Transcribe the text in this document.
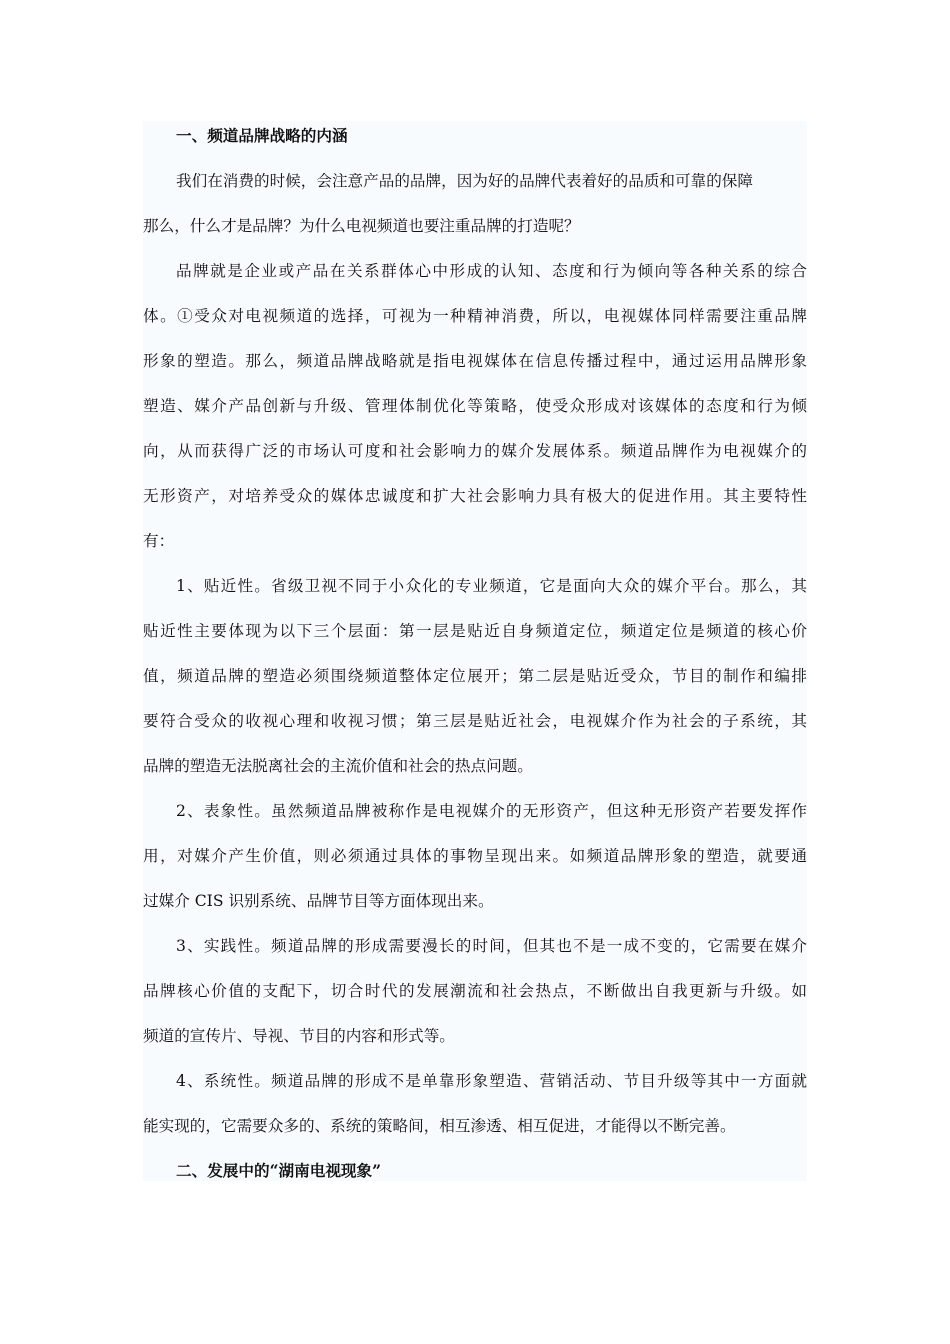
一、频道品牌战略的内涵
我们在消费的时候，会注意产品的品牌，因为好的品牌代表着好的品质和可靠的保障
那么，什么才是品牌？为什么电视频道也要注重品牌的打造呢？
品牌就是企业或产品在关系群体心中形成的认知、态度和行为倾向等各种关系的综合
体。①受众对电视频道的选择，可视为一种精神消费，所以，电视媒体同样需要注重品牌
形象的塑造。那么，频道品牌战略就是指电视媒体在信息传播过程中，通过运用品牌形象
塑造、媒介产品创新与升级、管理体制优化等策略，使受众形成对该媒体的态度和行为倾
向，从而获得广泛的市场认可度和社会影响力的媒介发展体系。频道品牌作为电视媒介的
无形资产，对培养受众的媒体忠诚度和扩大社会影响力具有极大的促进作用。其主要特性
有：
1、贴近性。省级卫视不同于小众化的专业频道，它是面向大众的媒介平台。那么，其
贴近性主要体现为以下三个层面：第一层是贴近自身频道定位，频道定位是频道的核心价
值，频道品牌的塑造必须围绕频道整体定位展开；第二层是贴近受众，节目的制作和编排
要符合受众的收视心理和收视习惯；第三层是贴近社会，电视媒介作为社会的子系统，其
品牌的塑造无法脱离社会的主流价值和社会的热点问题。
2、表象性。虽然频道品牌被称作是电视媒介的无形资产，但这种无形资产若要发挥作
用，对媒介产生价值，则必须通过具体的事物呈现出来。如频道品牌形象的塑造，就要通
过媒介 CIS 识别系统、品牌节目等方面体现出来。
3、实践性。频道品牌的形成需要漫长的时间，但其也不是一成不变的，它需要在媒介
品牌核心价值的支配下，切合时代的发展潮流和社会热点，不断做出自我更新与升级。如
频道的宣传片、导视、节目的内容和形式等。
4、系统性。频道品牌的形成不是单靠形象塑造、营销活动、节目升级等其中一方面就
能实现的，它需要众多的、系统的策略间，相互渗透、相互促进，才能得以不断完善。
二、发展中的“湖南电视现象”
